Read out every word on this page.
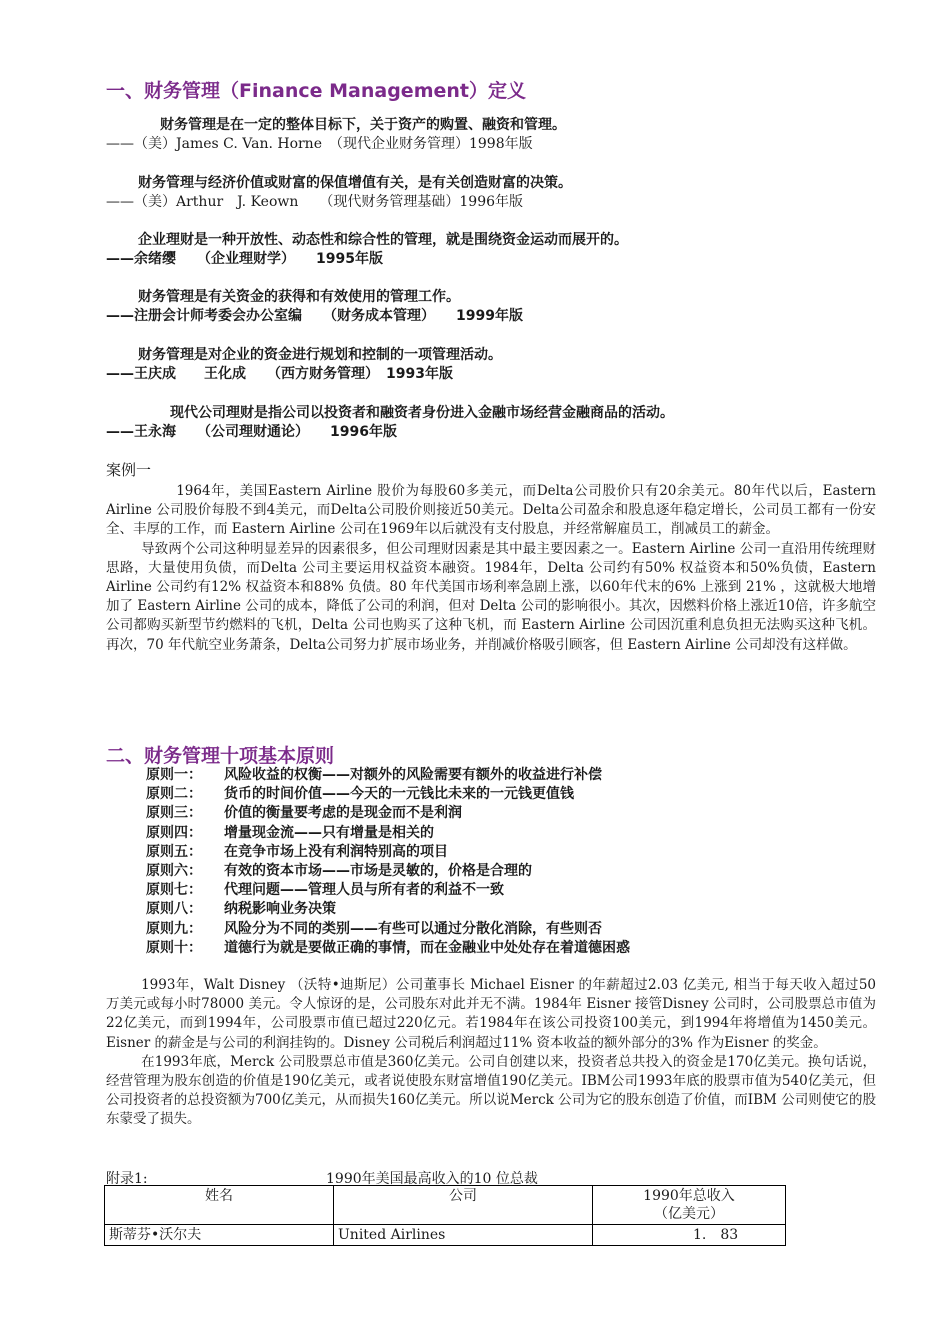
一、财务管理（Finance Management）定义
财务管理是在一定的整体目标下，关于资产的购置、融资和管理。
——（美）James C. Van. Horne　（现代企业财务管理）1998年版
财务管理与经济价值或财富的保值增值有关，是有关创造财富的决策。
——（美）Arthur　J. Keown　　（现代财务管理基础）1996年版
企业理财是一种开放性、动态性和综合性的管理，就是围绕资金运动而展开的。
——余绪缨　　（企业理财学）　　1995年版
财务管理是有关资金的获得和有效使用的管理工作。
——注册会计师考委会办公室编　　（财务成本管理）　　1999年版
财务管理是对企业的资金进行规划和控制的一项管理活动。
——王庆成　　王化成　　（西方财务管理）　1993年版
现代公司理财是指公司以投资者和融资者身份进入金融市场经营金融商品的活动。
——王永海　　（公司理财通论）　　1996年版
案例一

1964年，美国Eastern Airline 股价为每股60多美元，而Delta公司股价只有20余美元。80年代以后，Eastern Airline 公司股价每股不到4美元，而Delta公司股价则接近50美元。Delta公司盈余和股息逐年稳定增长，公司员工都有一份安全、丰厚的工作，而 Eastern Airline 公司在1969年以后就没有支付股息，并经常解雇员工，削减员工的薪金。

导致两个公司这种明显差异的因素很多，但公司理财因素是其中最主要因素之一。Eastern Airline 公司一直沿用传统理财思路，大量使用负债，而Delta 公司主要运用权益资本融资。1984年，Delta 公司约有50% 权益资本和50%负债，Eastern Airline 公司约有12% 权益资本和88% 负债。80 年代美国市场利率急剧上涨，以60年代末的6% 上涨到 21% ，这就极大地增加了 Eastern Airline 公司的成本，降低了公司的利润，但对 Delta 公司的影响很小。其次，因燃料价格上涨近10倍，许多航空公司都购买新型节约燃料的飞机，Delta 公司也购买了这种飞机，而 Eastern Airline 公司因沉重利息负担无法购买这种飞机。再次，70 年代航空业务萧条，Delta公司努力扩展市场业务，并削减价格吸引顾客，但 Eastern Airline 公司却没有这样做。

二、财务管理十项基本原则
原则一：	风险收益的权衡——对额外的风险需要有额外的收益进行补偿
原则二：	货币的时间价值——今天的一元钱比未来的一元钱更值钱
原则三：	价值的衡量要考虑的是现金而不是利润
原则四：	增量现金流——只有增量是相关的
原则五：	在竞争市场上没有利润特别高的项目
原则六：	有效的资本市场——市场是灵敏的，价格是合理的
原则七：	代理问题——管理人员与所有者的利益不一致
原则八：	纳税影响业务决策
原则九：	风险分为不同的类别——有些可以通过分散化消除，有些则否
原则十：	道德行为就是要做正确的事情，而在金融业中处处存在着道德困惑

1993年，Walt Disney （沃特•迪斯尼）公司董事长 Michael Eisner 的年薪超过2.03 亿美元, 相当于每天收入超过50 万美元或每小时78000 美元。令人惊讶的是，公司股东对此并无不满。1984年 Eisner 接管Disney 公司时，公司股票总市值为22亿美元，而到1994年，公司股票市值已超过220亿元。若1984年在该公司投资100美元，到1994年将增值为1450美元。Eisner 的薪金是与公司的利润挂钩的。Disney 公司税后利润超过11% 资本收益的额外部分的3% 作为Eisner 的奖金。

在1993年底，Merck 公司股票总市值是360亿美元。公司自创建以来，投资者总共投入的资金是170亿美元。换句话说，经营管理为股东创造的价值是190亿美元，或者说使股东财富增值190亿美元。IBM公司1993年底的股票市值为540亿美元，但公司投资者的总投资额为700亿美元，从而损失160亿美元。所以说Merck 公司为它的股东创造了价值，而IBM 公司则使它的股东蒙受了损失。

附录1:	1990年美国最高收入的10 位总裁
姓名	公司	1990年总收入
（亿美元）

斯蒂芬•沃尔夫	United Airlines	1.　83
